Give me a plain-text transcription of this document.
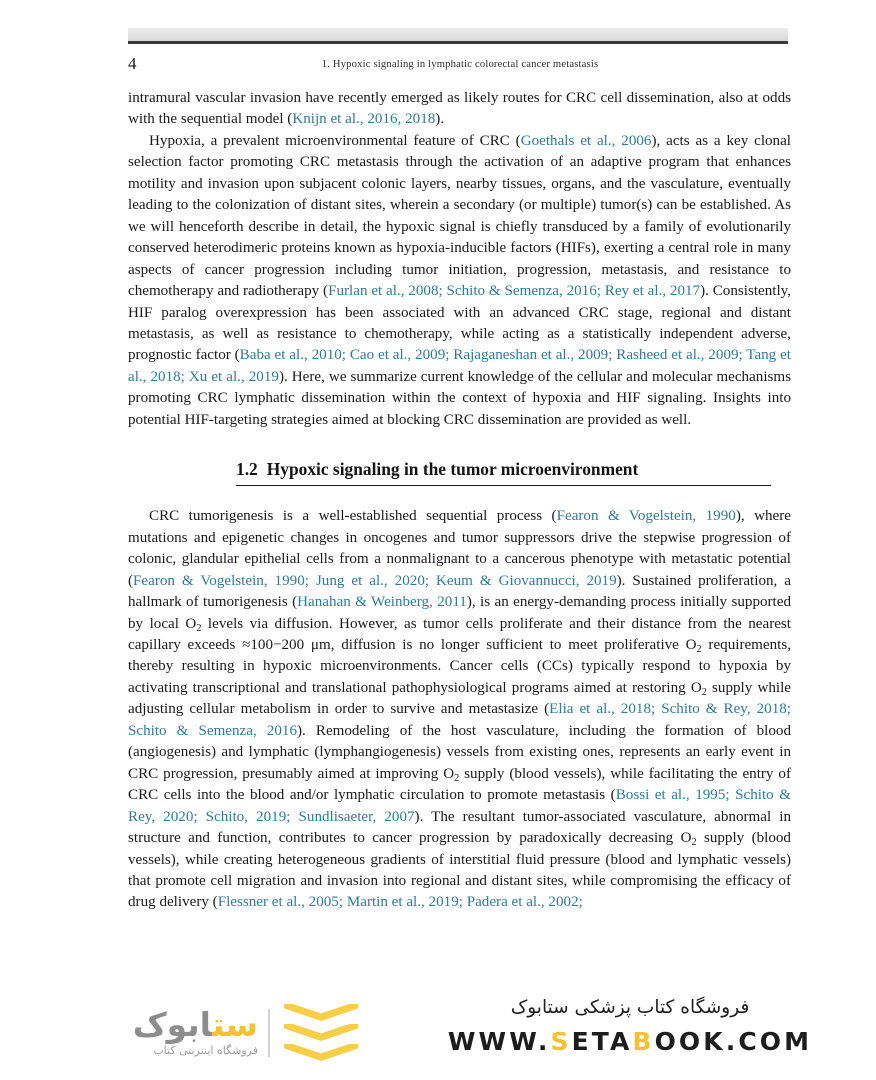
4	1. Hypoxic signaling in lymphatic colorectal cancer metastasis

intramural vascular invasion have recently emerged as likely routes for CRC cell dissemination, also at odds with the sequential model (Knijn et al., 2016, 2018).

Hypoxia, a prevalent microenvironmental feature of CRC (Goethals et al., 2006), acts as a key clonal selection factor promoting CRC metastasis through the activation of an adaptive program that enhances motility and invasion upon subjacent colonic layers, nearby tissues, organs, and the vasculature, eventually leading to the colonization of distant sites, wherein a secondary (or multiple) tumor(s) can be established. As we will henceforth describe in detail, the hypoxic signal is chiefly transduced by a family of evolutionarily conserved heterodimeric proteins known as hypoxia-inducible factors (HIFs), exerting a central role in many aspects of cancer progression including tumor initiation, progression, metastasis, and resistance to chemotherapy and radiotherapy (Furlan et al., 2008; Schito & Semenza, 2016; Rey et al., 2017). Consistently, HIF paralog overexpression has been associated with an advanced CRC stage, regional and distant metastasis, as well as resistance to chemotherapy, while acting as a statistically independent adverse, prognostic factor (Baba et al., 2010; Cao et al., 2009; Rajaganeshan et al., 2009; Rasheed et al., 2009; Tang et al., 2018; Xu et al., 2019). Here, we summarize current knowledge of the cellular and molecular mechanisms promoting CRC lymphatic dissemination within the context of hypoxia and HIF signaling. Insights into potential HIF-targeting strategies aimed at blocking CRC dissemination are provided as well.

1.2 Hypoxic signaling in the tumor microenvironment

CRC tumorigenesis is a well-established sequential process (Fearon & Vogelstein, 1990), where mutations and epigenetic changes in oncogenes and tumor suppressors drive the stepwise progression of colonic, glandular epithelial cells from a nonmalignant to a cancerous phenotype with metastatic potential (Fearon & Vogelstein, 1990; Jung et al., 2020; Keum & Giovannucci, 2019). Sustained proliferation, a hallmark of tumorigenesis (Hanahan & Weinberg, 2011), is an energy-demanding process initially supported by local $O_2$ levels via diffusion. However, as tumor cells proliferate and their distance from the nearest capillary exceeds ≈100−200 μm, diffusion is no longer sufficient to meet proliferative $O_2$ requirements, thereby resulting in hypoxic microenvironments. Cancer cells (CCs) typically respond to hypoxia by activating transcriptional and translational pathophysiological programs aimed at restoring $O_2$ supply while adjusting cellular metabolism in order to survive and metastasize (Elia et al., 2018; Schito & Rey, 2018; Schito & Semenza, 2016). Remodeling of the host vasculature, including the formation of blood (angiogenesis) and lymphatic (lymphangiogenesis) vessels from existing ones, represents an early event in CRC progression, presumably aimed at improving $O_2$ supply (blood vessels), while facilitating the entry of CRC cells into the blood and/or lymphatic circulation to promote metastasis (Bossi et al., 1995; Schito & Rey, 2020; Schito, 2019; Sundlisaeter, 2007). The resultant tumor-associated vasculature, abnormal in structure and function, contributes to cancer progression by paradoxically decreasing $O_2$ supply (blood vessels), while creating heterogeneous gradients of interstitial fluid pressure (blood and lymphatic vessels) that promote cell migration and invasion into regional and distant sites, while compromising the efficacy of drug delivery (Flessner et al., 2005; Martin et al., 2019; Padera et al., 2002;

ستابوک
فروشگاه اینترنتی کتاب
فروشگاه کتاب پزشکی ستابوک
WWW.SETABOOK.COM
